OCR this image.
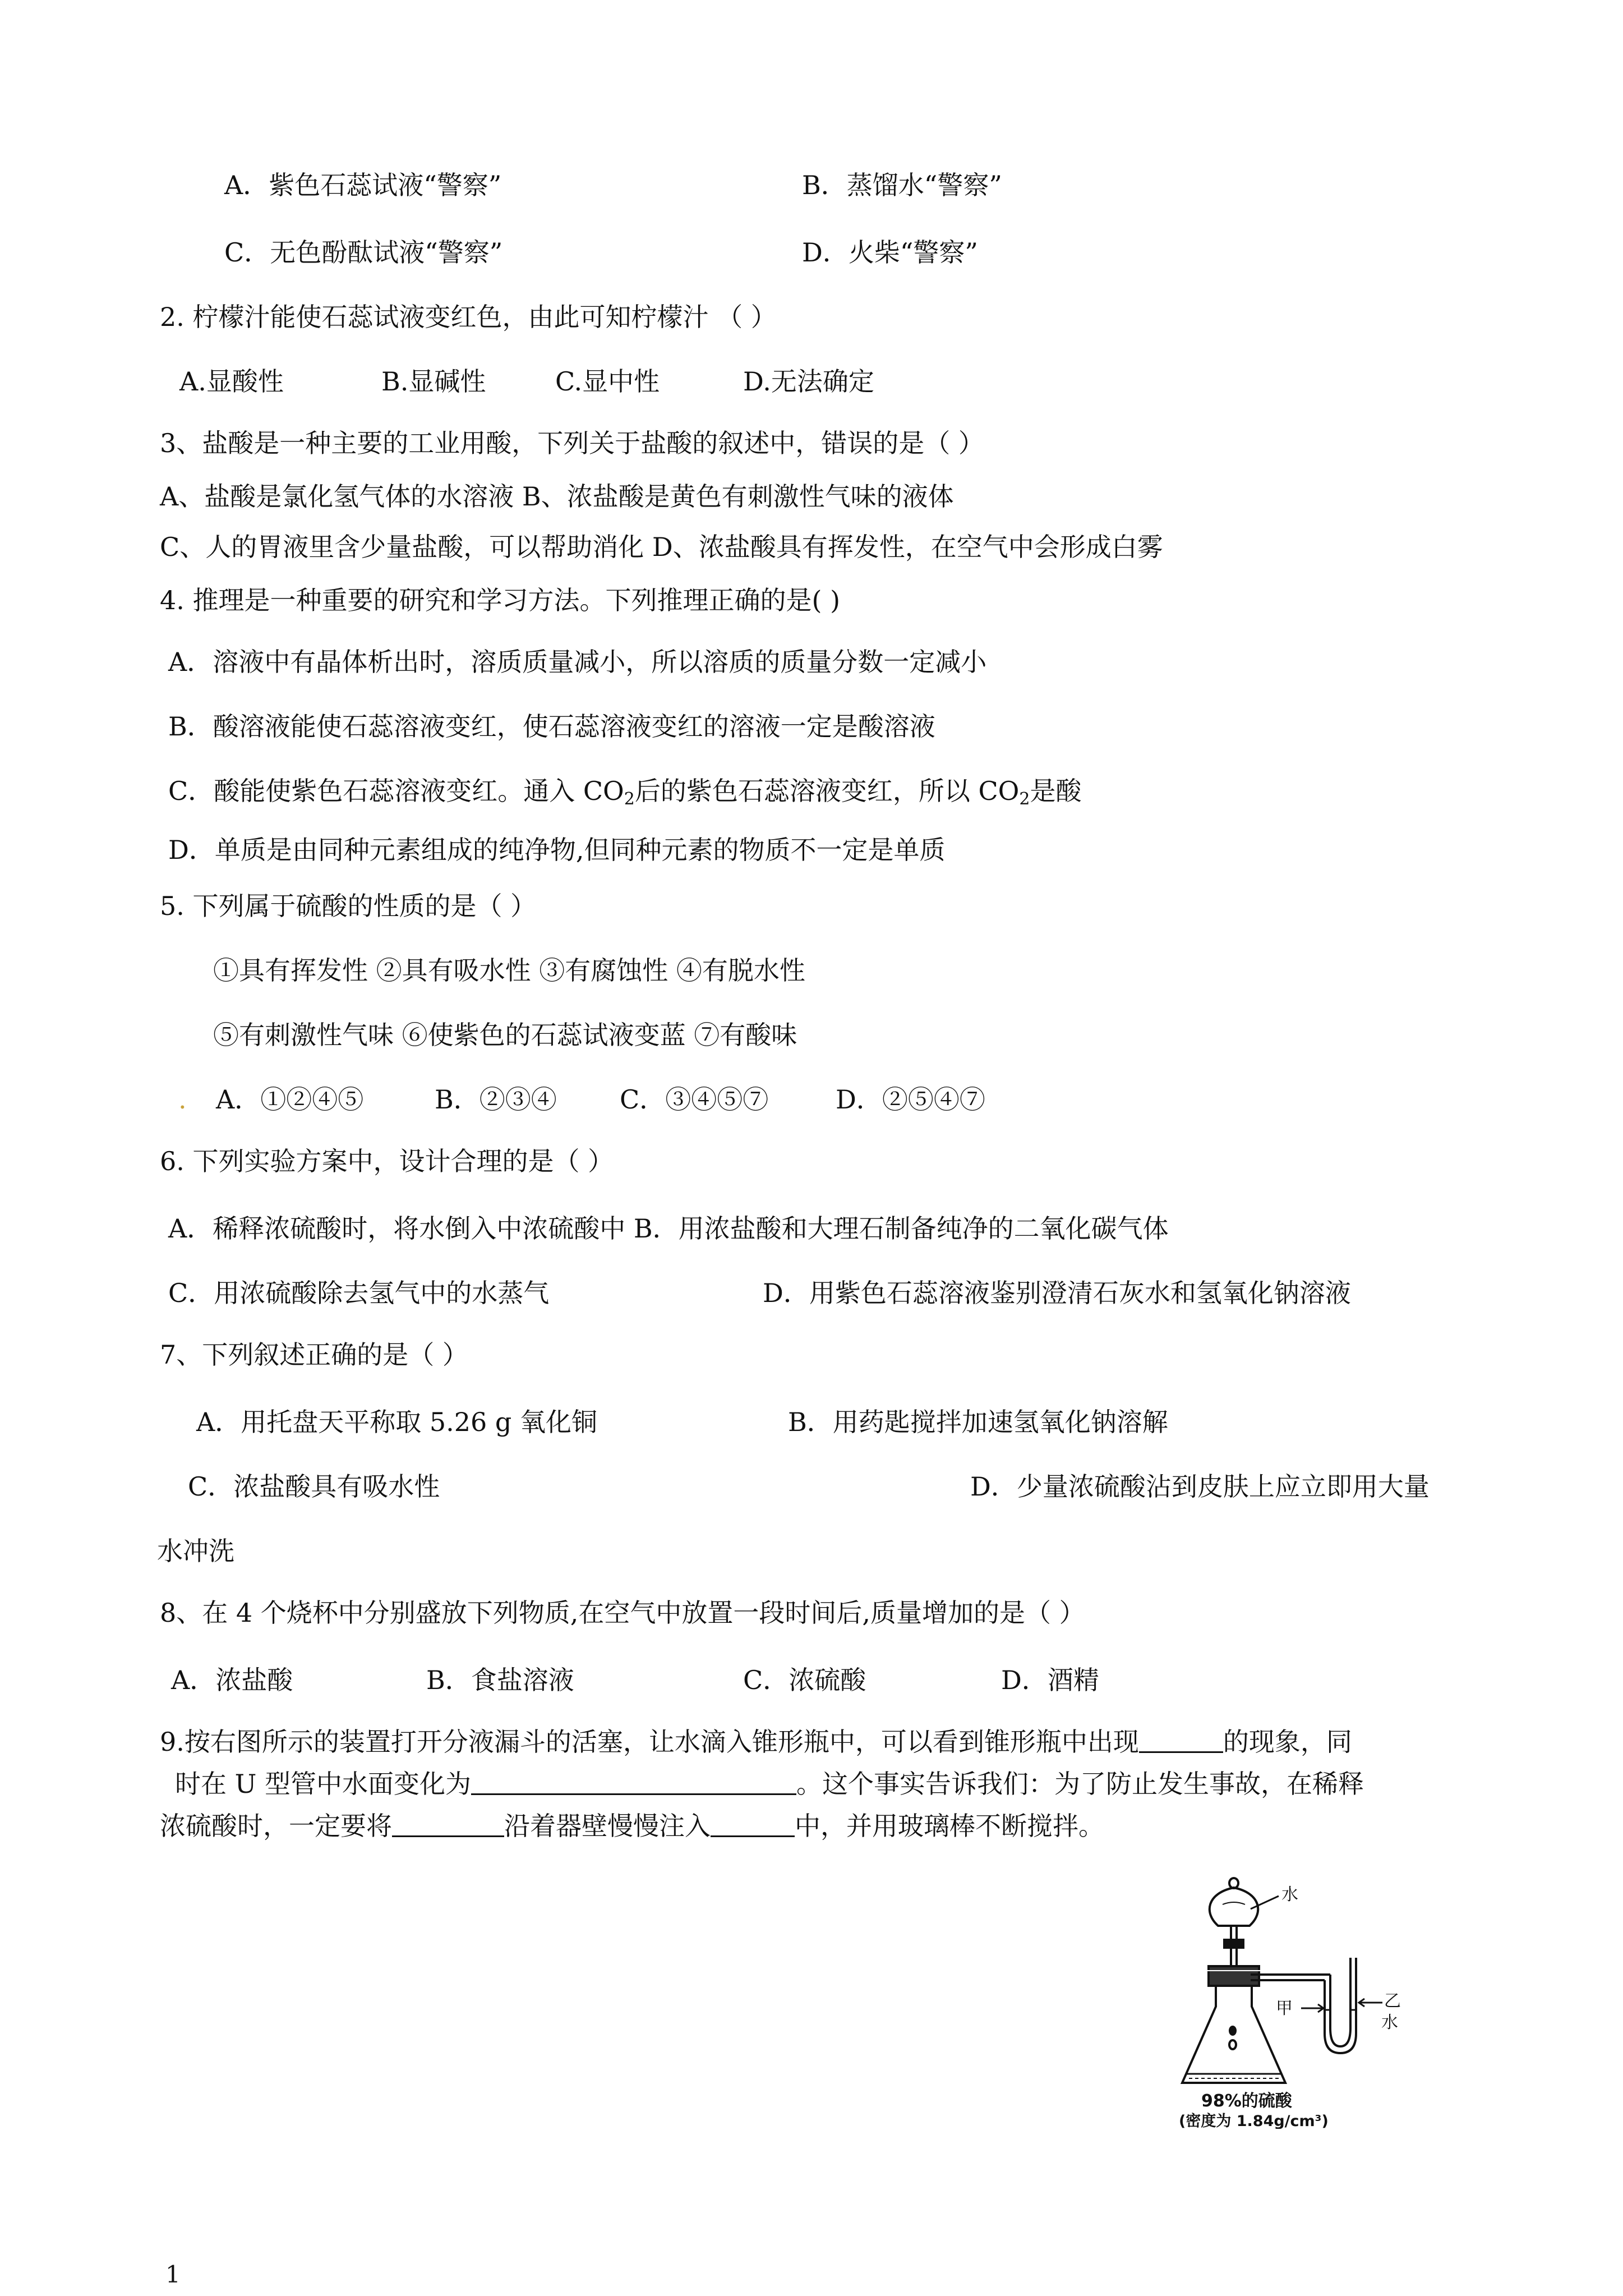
A．紫色石蕊试液“警察”	B．蒸馏水“警察”
C．无色酚酞试液“警察”	D．火柴“警察”
2. 柠檬汁能使石蕊试液变红色，由此可知柠檬汁 （ ）
A.显酸性	B.显碱性	C.显中性	D.无法确定
3、盐酸是一种主要的工业用酸，下列关于盐酸的叙述中，错误的是（ ）
A、盐酸是氯化氢气体的水溶液 B、浓盐酸是黄色有刺激性气味的液体
C、人的胃液里含少量盐酸，可以帮助消化 D、浓盐酸具有挥发性，在空气中会形成白雾
4. 推理是一种重要的研究和学习方法。下列推理正确的是( )
A．溶液中有晶体析出时，溶质质量减小，所以溶质的质量分数一定减小
B．酸溶液能使石蕊溶液变红，使石蕊溶液变红的溶液一定是酸溶液
C．酸能使紫色石蕊溶液变红。通入 $CO_2$后的紫色石蕊溶液变红，所以 $CO_2$是酸
D．单质是由同种元素组成的纯净物,但同种元素的物质不一定是单质
5. 下列属于硫酸的性质的是（ ）
①具有挥发性 ②具有吸水性 ③有腐蚀性 ④有脱水性
⑤有刺激性气味 ⑥使紫色的石蕊试液变蓝 ⑦有酸味
. A．①②④⑤	B．②③④ C．③④⑤⑦	D．②⑤④⑦
6. 下列实验方案中，设计合理的是（ ）
A．稀释浓硫酸时，将水倒入中浓硫酸中 B．用浓盐酸和大理石制备纯净的二氧化碳气体
C．用浓硫酸除去氢气中的水蒸气	D．用紫色石蕊溶液鉴别澄清石灰水和氢氧化钠溶液
7、下列叙述正确的是（ ）
A．用托盘天平称取 5.26 g 氧化铜	B．用药匙搅拌加速氢氧化钠溶解
C．浓盐酸具有吸水性	D．少量浓硫酸沾到皮肤上应立即用大量
水冲洗
8、在 4 个烧杯中分别盛放下列物质,在空气中放置一段时间后,质量增加的是（ ）
A．浓盐酸	B．食盐溶液	C．浓硫酸	D．酒精
9.按右图所示的装置打开分液漏斗的活塞，让水滴入锥形瓶中，可以看到锥形瓶中出现	的现象，同
时在 U 型管中水面变化为	。这个事实告诉我们：为了防止发生事故，在稀释
浓硫酸时，一定要将	沿着器壁慢慢注入	中，并用玻璃棒不断搅拌。
水
甲	乙
水
98%的硫酸
(密度为 1.84g/cm³)
1
